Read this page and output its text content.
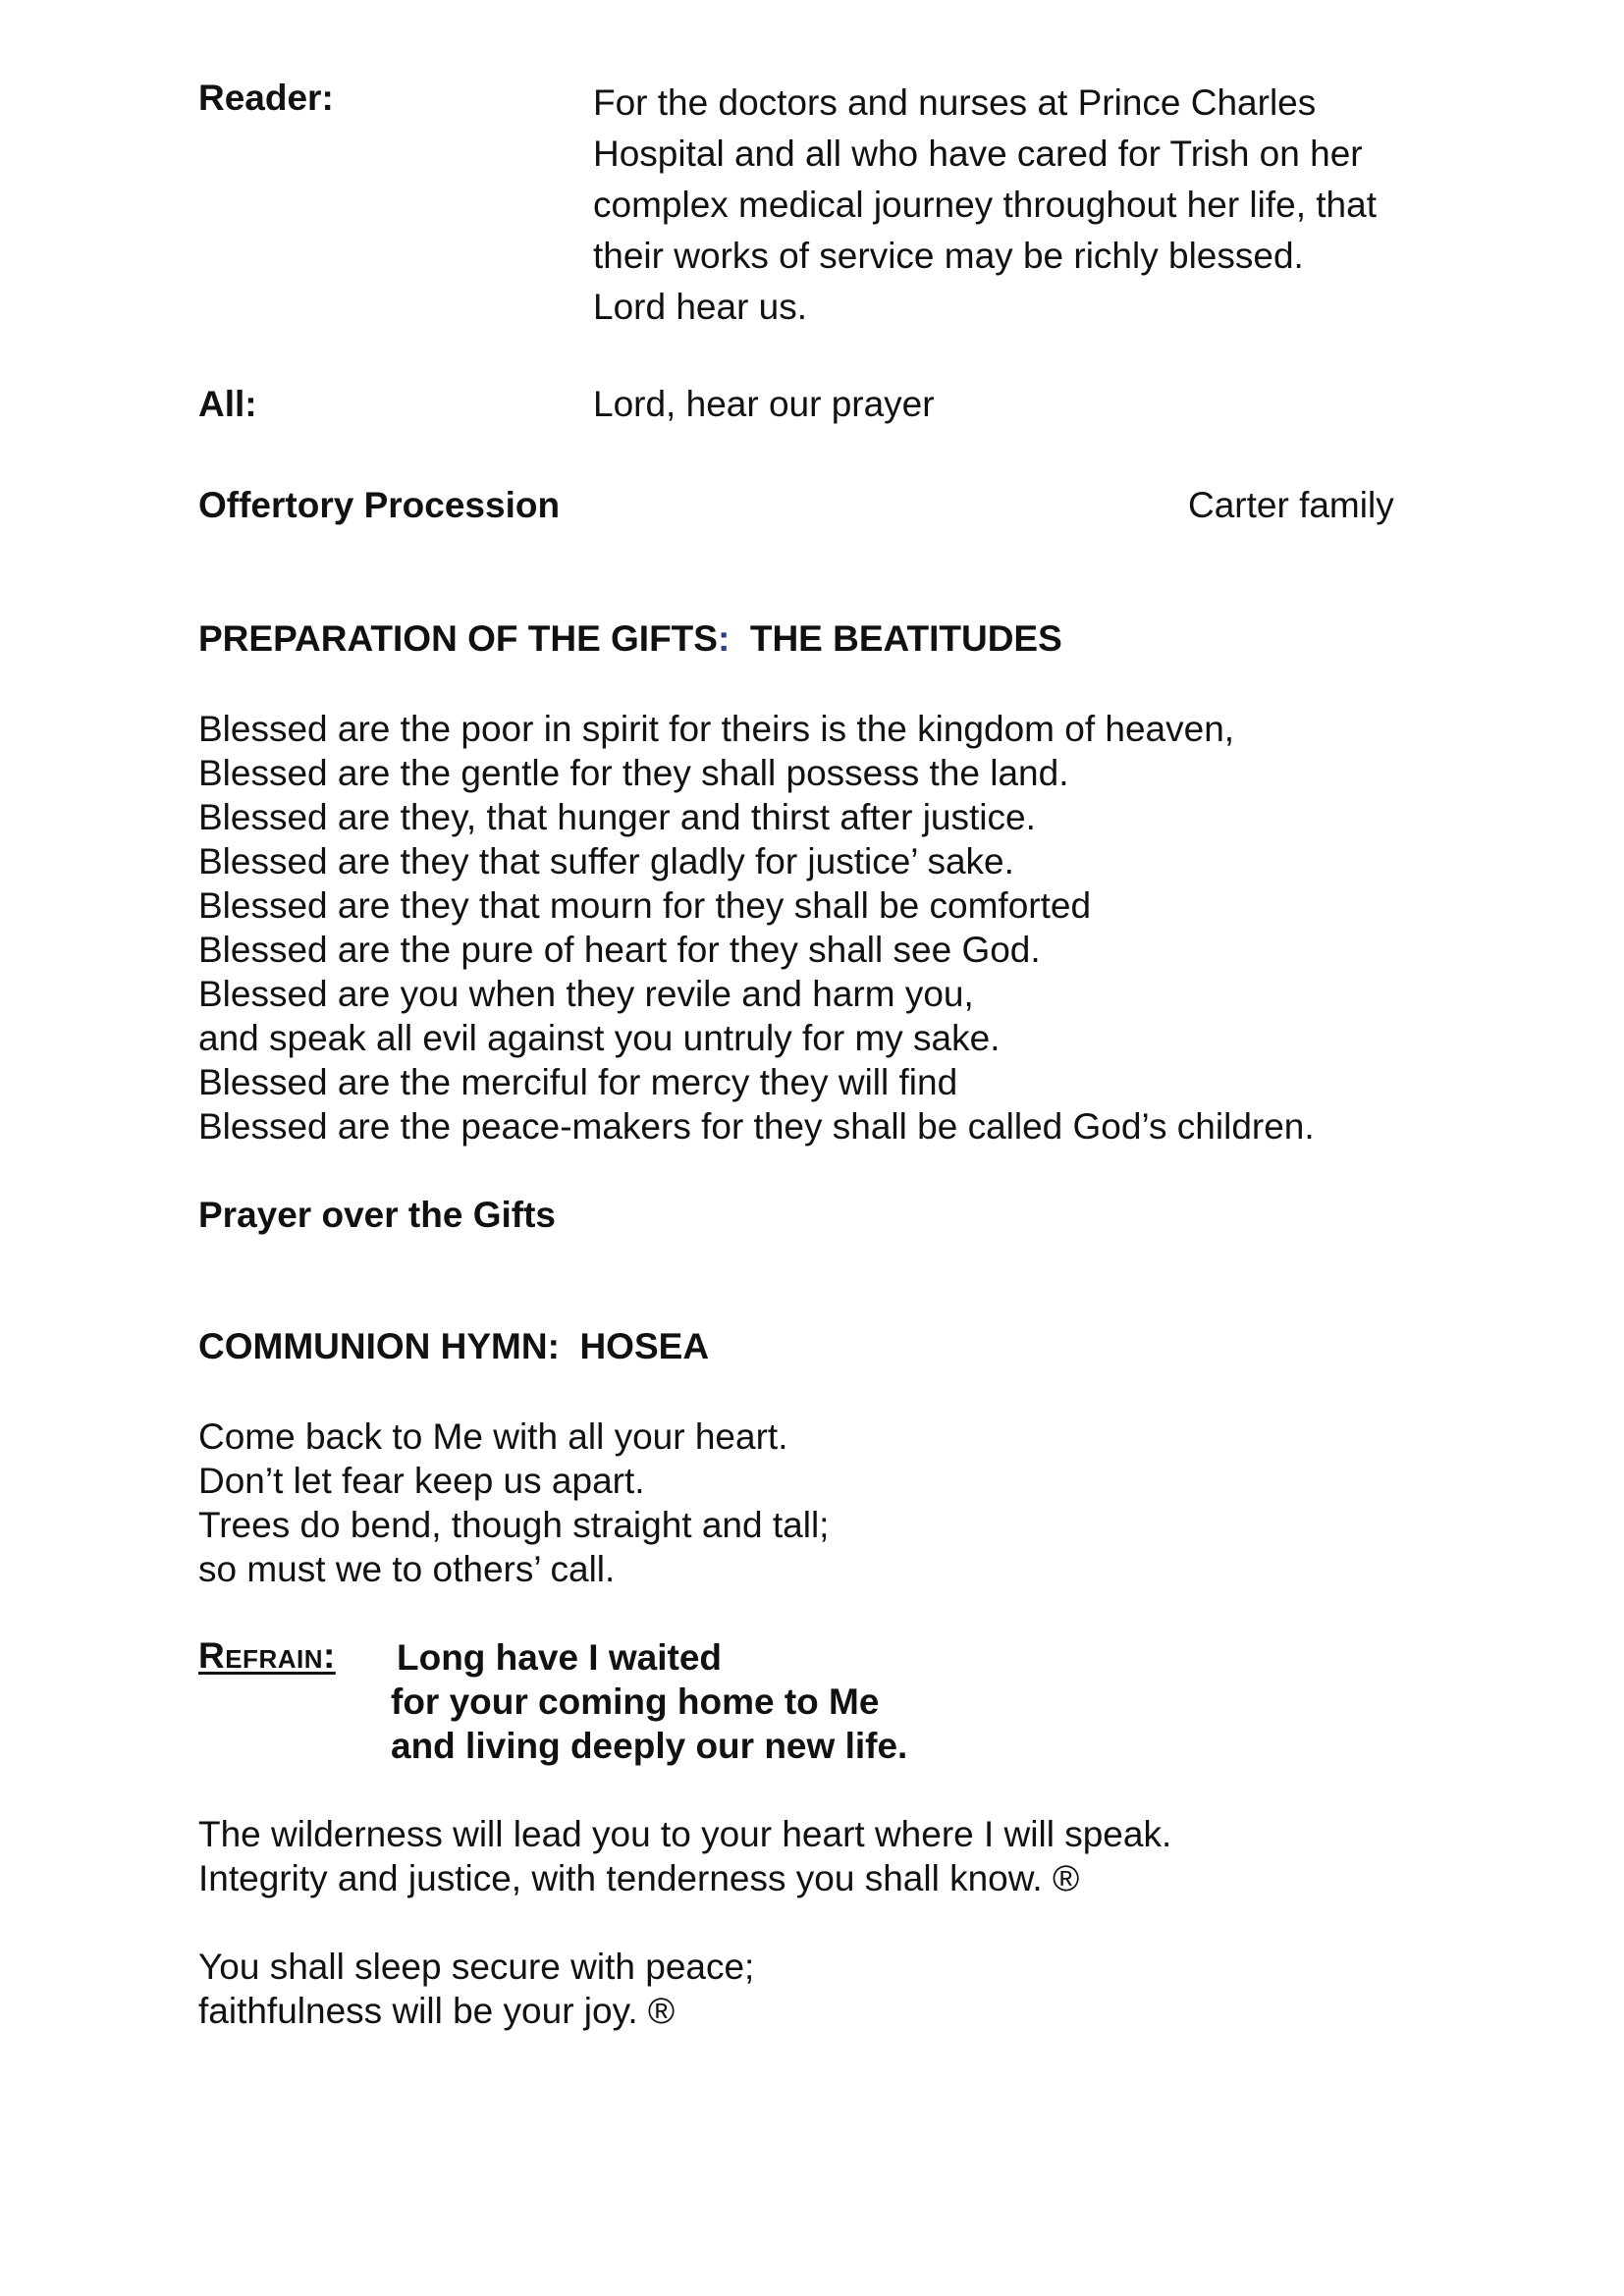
Reader:	For the doctors and nurses at Prince Charles
Hospital and all who have cared for Trish on her
complex medical journey throughout her life, that
their works of service may be richly blessed.
Lord hear us.
All:	Lord, hear our prayer
Offertory Procession	Carter family
PREPARATION OF THE GIFTS: THE BEATITUDES
Blessed are the poor in spirit for theirs is the kingdom of heaven,
Blessed are the gentle for they shall possess the land.
Blessed are they, that hunger and thirst after justice.
Blessed are they that suffer gladly for justice’ sake.
Blessed are they that mourn for they shall be comforted
Blessed are the pure of heart for they shall see God.
Blessed are you when they revile and harm you,
and speak all evil against you untruly for my sake.
Blessed are the merciful for mercy they will find
Blessed are the peace-makers for they shall be called God’s children.
Prayer over the Gifts
COMMUNION HYMN:  HOSEA
Come back to Me with all your heart.
Don’t let fear keep us apart.
Trees do bend, though straight and tall;
so must we to others’ call.
Refrain: Long have I waited
for your coming home to Me
and living deeply our new life.
The wilderness will lead you to your heart where I will speak.
Integrity and justice, with tenderness you shall know. ®
You shall sleep secure with peace;
faithfulness will be your joy. ®
